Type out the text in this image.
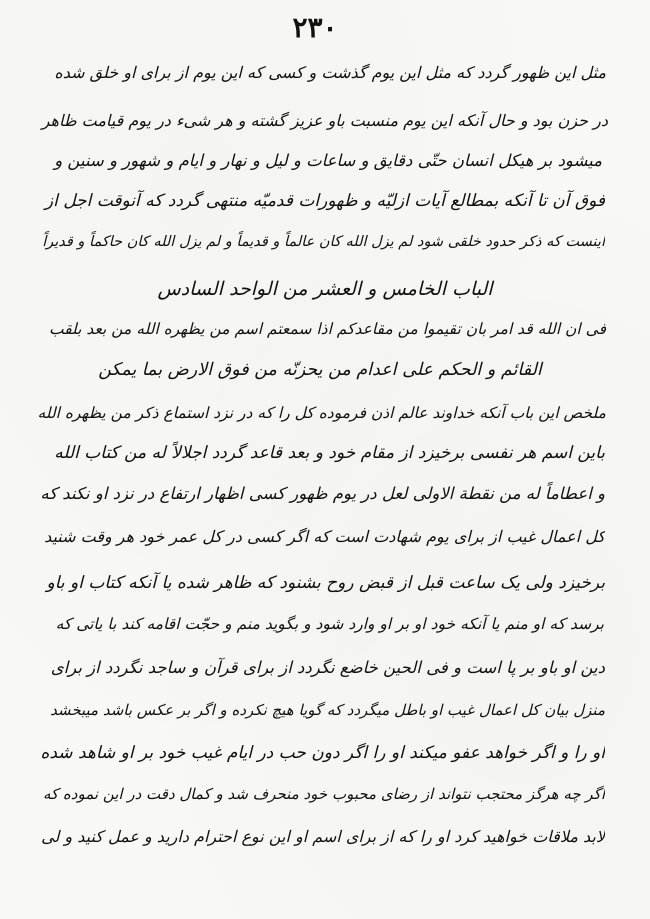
۲۳۰
مثل این ظهور گردد که مثل این یوم گذشت و کسی که این یوم از برای او خلق شده
در حزن بود و حال آنکه این یوم منسبت باو عزیز گشته و هر شیء در یوم قیامت ظاهر
میشود بر هیکل انسان حتّی دقایق و ساعات و لیل و نهار و ایام و شهور و سنین و
فوق آن تا آنکه بمطالع آیات ازلیّه و ظهورات قدمیّه منتهی گردد که آنوقت اجل از
اینست که ذکر حدود خلقی شود لم یزل الله کان عالماً و قدیماً و لم یزل الله کان حاکماً و قدیراً
الباب الخامس و العشر من الواحد السادس
فی ان الله قد امر بان تقیموا من مقاعدکم اذا سمعتم اسم من یظهره الله من بعد بلقب
القائم و الحکم علی اعدام من یحزنّه من فوق الارض بما یمکن
ملخص این باب آنکه خداوند عالم اذن فرموده کل را که در نزد استماع ذکر من یظهره الله
باین اسم هر نفسی برخیزد از مقام خود و بعد قاعد گردد اجلالاً له من کتاب الله
و اعطاماً له من نقطة الاولی لعل در یوم ظهور کسی اظهار ارتفاع در نزد او نکند که
کل اعمال غیب از برای یوم شهادت است که اگر کسی در کل عمر خود هر وقت شنید
برخیزد ولی یک ساعت قبل از قبض روح بشنود که ظاهر شده یا آنکه کتاب او باو
برسد که او منم یا آنکه خود او بر او وارد شود و بگوید منم و حجّت اقامه کند با یاتی که
دین او باو بر پا است و فی الحین خاضع نگردد از برای قرآن و ساجد نگردد از برای
منزل بیان کل اعمال غیب او باطل میگردد که گویا هیچ نکرده و اگر بر عکس باشد میبخشد
او را و اگر خواهد عفو میکند او را اگر دون حب در ایام غیب خود بر او شاهد شده
اگر چه هرگز محتجب نتواند از رضای محبوب خود منحرف شد و کمال دقت در این نموده که
لابد ملاقات خواهید کرد او را که از برای اسم او این نوع احترام دارید و عمل کنید و لی
